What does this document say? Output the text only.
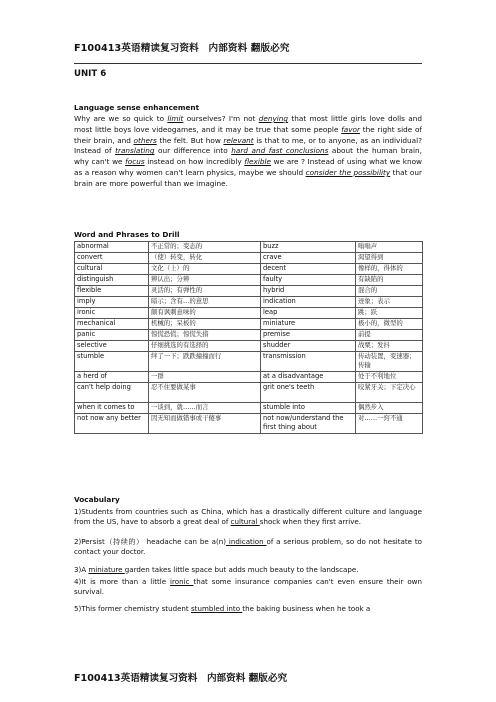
F100413英语精读复习资料　内部资料 翻版必究
UNIT 6
Language sense enhancement
Why are we so quick to limit ourselves? I'm not denying that most little girls love dolls and most little boys love videogames, and it may be true that some people favor the right side of their brain, and others the felt. But how relevant is that to me, or to anyone, as an individual? Instead of translating our difference into hard and fast conclusions about the human brain, why can't we focus instead on how incredibly flexible we are ? Instead of using what we know as a reason why women can't learn physics, maybe we should consider the possibility that our brain are more powerful than we imagine.
Word and Phrases to Drill
abnormal	不正常的；变态的	buzz	嗡嗡声
convert	（使）转变，转化	crave	渴望得到
cultural	文化（上）的	decent	像样的，得体的
distinguish	辨认出；分辨	faulty	有缺陷的
flexible	灵活的；有弹性的	hybrid	混合的
imply	暗示；含有…的意思	indication	迹象；表示
ironic	颇有讽刺意味的	leap	跳；跃
mechanical	机械的；呆板的	miniature	极小的，微型的
panic	惊慌恐慌；惊慌失措	premise	前提
selective	仔细挑选的有选择的	shudder	战栗；发抖
stumble	绊了一下；跌跌撞撞而行	transmission	传动装置，变速器；传输
a herd of	一群	at a disadvantage	处于不利地位
can't help doing	忍不住要做某事	grit one's teeth	咬紧牙关；下定决心
when it comes to	一谈到，就……而言	stumble into	偶然步入
not now any better	因无知而做错事或干傻事	not now/understand the first thing about	对……一窍不通
Vocabulary
1)Students from countries such as China, which has a drastically different culture and language from the US, have to absorb a great deal of cultural shock when they first arrive.
2)Persist（持续的） headache can be a(n) indication of a serious problem, so do not hesitate to contact your doctor.
3)A miniature garden takes little space but adds much beauty to the landscape.
4)It is more than a little ironic that some insurance companies can't even ensure their own survival.
5)This former chemistry student stumbled into the baking business when he took a
F100413英语精读复习资料　内部资料 翻版必究
